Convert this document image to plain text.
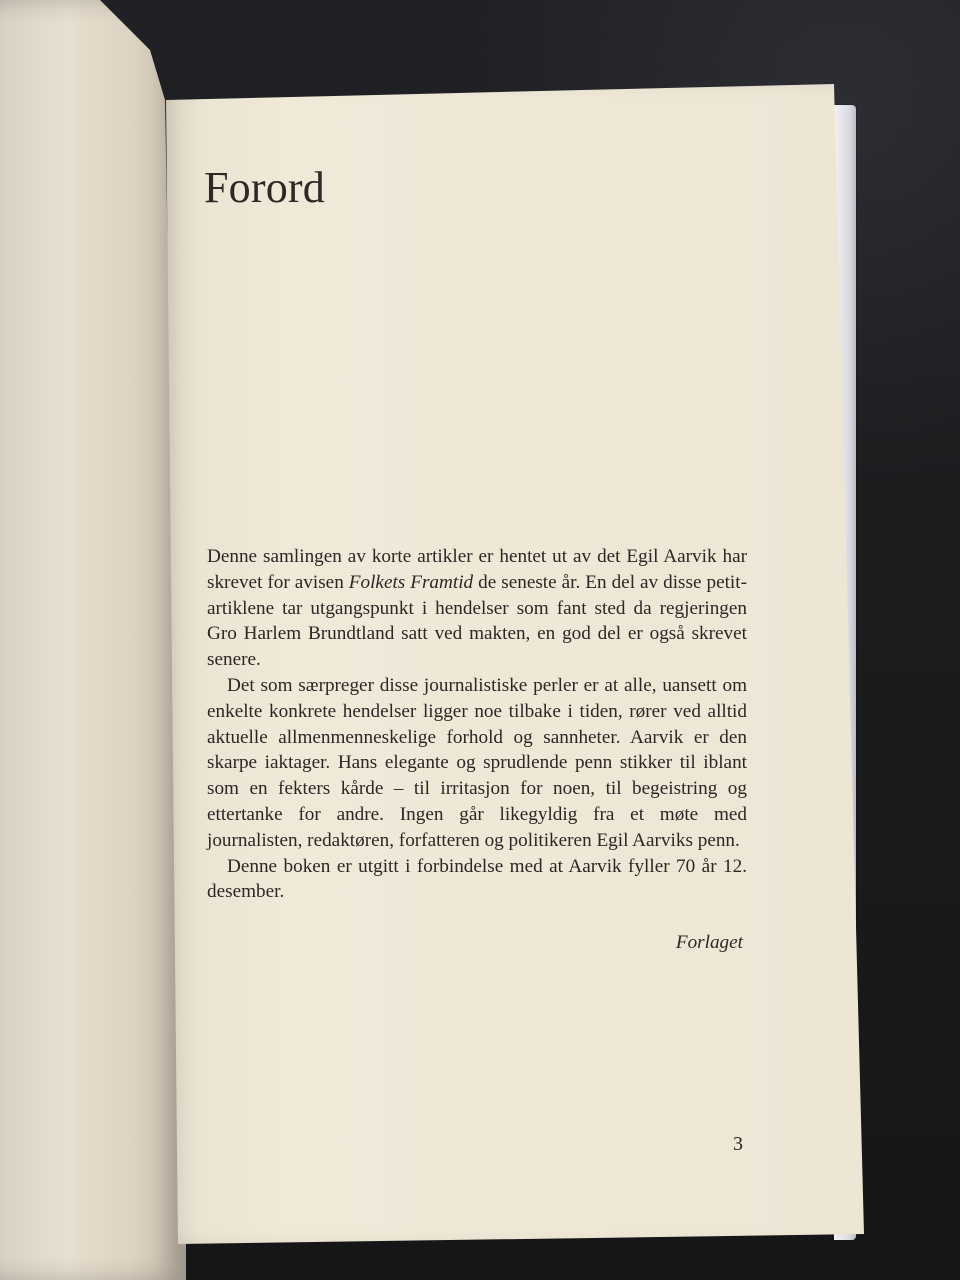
Forord

Denne samlingen av korte artikler er hentet ut av det Egil Aarvik har skrevet for avisen Folkets Framtid de seneste år. En del av disse petit-artiklene tar utgangspunkt i hendelser som fant sted da regjeringen Gro Harlem Brundtland satt ved makten, en god del er også skrevet senere.

Det som særpreger disse journalistiske perler er at alle, uansett om enkelte konkrete hendelser ligger noe tilbake i tiden, rører ved alltid aktuelle allmenmenneskelige forhold og sannheter. Aarvik er den skarpe iaktager. Hans elegante og sprudlende penn stikker til iblant som en fekters kårde – til irritasjon for noen, til begeistring og ettertanke for andre. Ingen går likegyldig fra et møte med journalisten, redaktøren, forfatteren og politikeren Egil Aarviks penn.

Denne boken er utgitt i forbindelse med at Aarvik fyller 70 år 12. desember.

Forlaget
3
